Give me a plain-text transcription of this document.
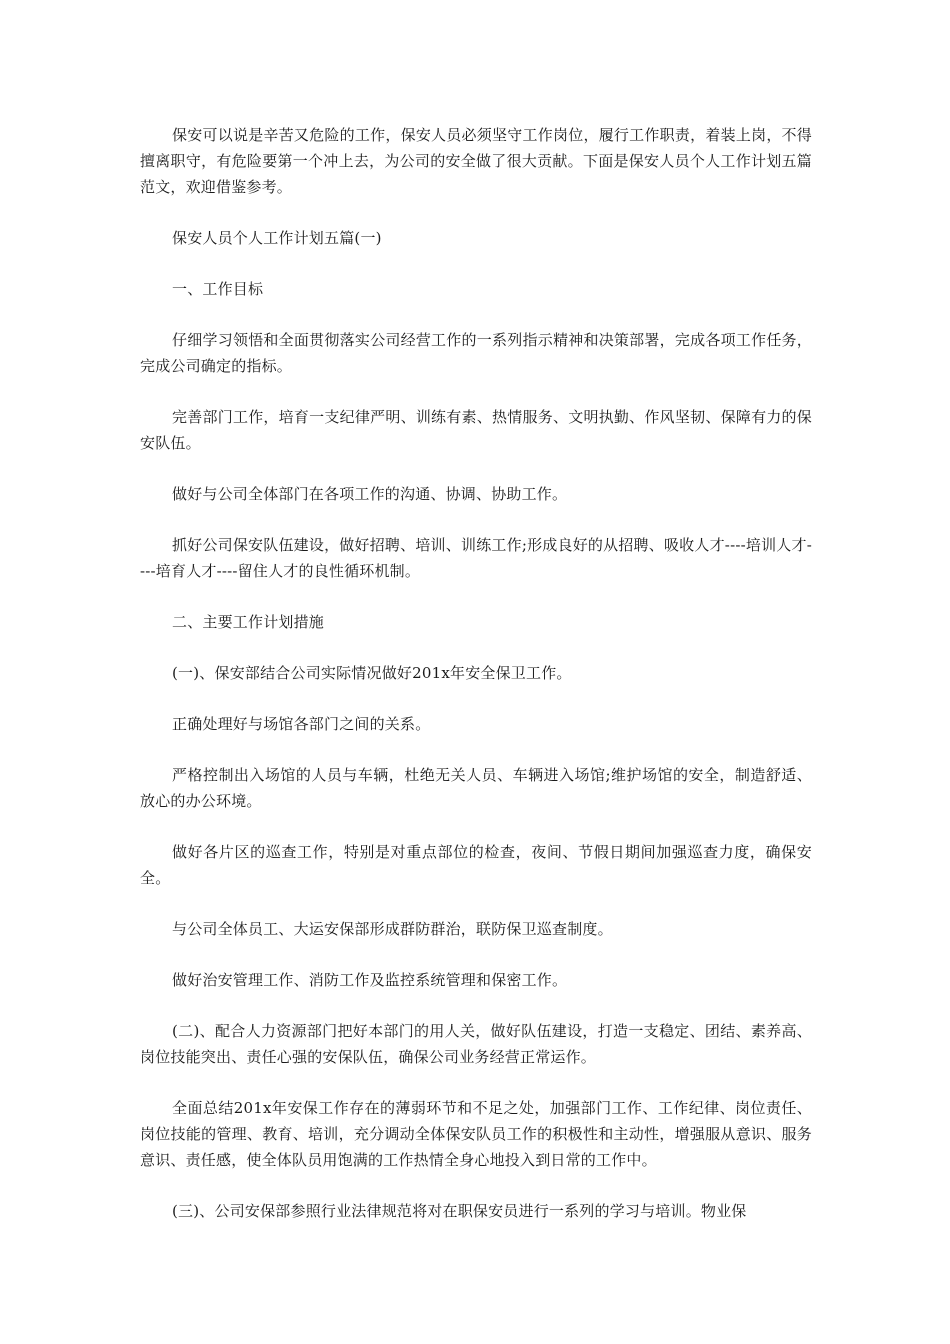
保安可以说是辛苦又危险的工作，保安人员必须坚守工作岗位，履行工作职责，着装上岗，不得擅离职守，有危险要第一个冲上去，为公司的安全做了很大贡献。下面是保安人员个人工作计划五篇范文，欢迎借鉴参考。

保安人员个人工作计划五篇(一)

一、工作目标

仔细学习领悟和全面贯彻落实公司经营工作的一系列指示精神和决策部署，完成各项工作任务，完成公司确定的指标。

完善部门工作，培育一支纪律严明、训练有素、热情服务、文明执勤、作风坚韧、保障有力的保安队伍。

做好与公司全体部门在各项工作的沟通、协调、协助工作。

抓好公司保安队伍建设，做好招聘、培训、训练工作;形成良好的从招聘、吸收人才----培训人才----培育人才----留住人才的良性循环机制。

二、主要工作计划措施

(一)、保安部结合公司实际情况做好201x年安全保卫工作。

正确处理好与场馆各部门之间的关系。

严格控制出入场馆的人员与车辆，杜绝无关人员、车辆进入场馆;维护场馆的安全，制造舒适、放心的办公环境。

做好各片区的巡查工作，特别是对重点部位的检查，夜间、节假日期间加强巡查力度，确保安全。

与公司全体员工、大运安保部形成群防群治，联防保卫巡查制度。

做好治安管理工作、消防工作及监控系统管理和保密工作。

(二)、配合人力资源部门把好本部门的用人关，做好队伍建设，打造一支稳定、团结、素养高、岗位技能突出、责任心强的安保队伍，确保公司业务经营正常运作。

全面总结201x年安保工作存在的薄弱环节和不足之处，加强部门工作、工作纪律、岗位责任、岗位技能的管理、教育、培训，充分调动全体保安队员工作的积极性和主动性，增强服从意识、服务意识、责任感，使全体队员用饱满的工作热情全身心地投入到日常的工作中。

(三)、公司安保部参照行业法律规范将对在职保安员进行一系列的学习与培训。物业保
